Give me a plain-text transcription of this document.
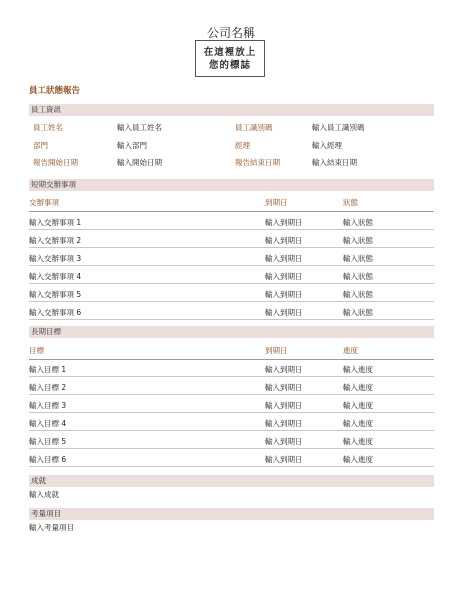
公司名稱
在這裡放上
您的標誌
員工狀態報告
員工資訊
員工姓名	輸入員工姓名	員工識別碼	輸入員工識別碼
部門	輸入部門	經理	輸入經理
報告開始日期	輸入開始日期	報告結束日期	輸入結束日期
短期交辦事項
交辦事項	到期日	狀態
輸入交辦事項 1	輸入到期日	輸入狀態
輸入交辦事項 2	輸入到期日	輸入狀態
輸入交辦事項 3	輸入到期日	輸入狀態
輸入交辦事項 4	輸入到期日	輸入狀態
輸入交辦事項 5	輸入到期日	輸入狀態
輸入交辦事項 6	輸入到期日	輸入狀態
長期目標
目標	到期日	進度
輸入目標 1	輸入到期日	輸入進度
輸入目標 2	輸入到期日	輸入進度
輸入目標 3	輸入到期日	輸入進度
輸入目標 4	輸入到期日	輸入進度
輸入目標 5	輸入到期日	輸入進度
輸入目標 6	輸入到期日	輸入進度
成就
輸入成就
考量項目
輸入考量項目
